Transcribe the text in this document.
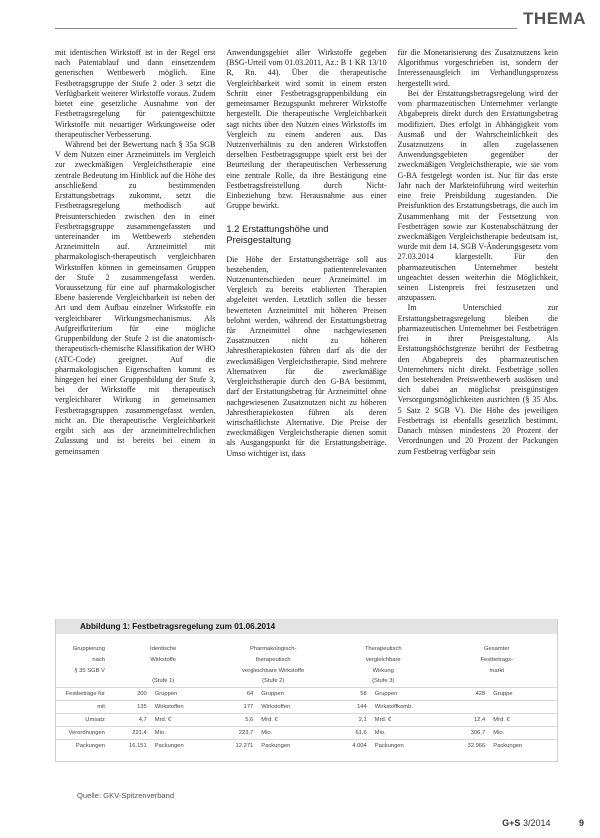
THEMA

mit identischen Wirkstoff ist in der Regel erst nach Patentablauf und dann einsetzendem generischen Wettbewerb möglich. Eine Festbetragsgruppe der Stufe 2 oder 3 setzt die Verfügbarkeit weiterer Wirkstoffe voraus. Zudem bietet eine gesetzliche Ausnahme von der Festbetragsregelung für patentgeschützte Wirkstoffe mit neuartiger Wirkungsweise oder therapeutischer Verbesserung.

Während bei der Bewertung nach § 35a SGB V dem Nutzen einer Arzneimittels im Vergleich zur zweckmäßigen Vergleichstherapie eine zentrale Bedeutung im Hinblick auf die Höhe des anschließend zu bestimmenden Erstattungsbetrags zukommt, setzt die Festbetragsregelung methodisch auf Preisunterschieden zwischen den in einer Festbetragsgruppe zusammengefassten und untereinander im Wettbewerb stehenden Arzneimitteln auf. Arzneimittel mit pharmakologisch-therapeutisch vergleichbaren Wirkstoffen können in gemeinsamen Gruppen der Stufe 2 zusammengefasst werden. Voraussetzung für eine auf pharmakologischer Ebene basierende Vergleichbarkeit ist neben der Art und dem Aufbau einzelner Wirkstoffe ein vergleichbarer Wirkungsmechanismus. Als Aufgreifkriterium für eine mögliche Gruppenbildung der Stufe 2 ist die anatomisch-therapeutisch-chemische Klassifikation der WHO (ATC-Code) geeignet. Auf die pharmakologischen Eigenschaften kommt es hingegen bei einer Gruppenbildung der Stufe 3, bei der Wirkstoffe mit therapeutisch vergleichbarer Wirkung in gemeinsamen Festbetragsgruppen zusammengefasst werden, nicht an. Die therapeutische Vergleichbarkeit ergibt sich aus der arzneimittelrechtlichen Zulassung und ist bereits bei einem in gemeinsamen

Anwendungsgebiet aller Wirkstoffe gegeben (BSG-Urteil vom 01.03.2011, Az.: B 1 KR 13/10 R, Rn. 44). Über die therapeutische Vergleichbarkeit wird somit in einem ersten Schritt einer Festbetragsgruppenbildung ein gemeinsamer Bezugspunkt mehrerer Wirkstoffe hergestellt. Die therapeutische Vergleichbarkeit sagt nichts über den Nutzen eines Wirkstoffs im Vergleich zu einem anderen aus. Das Nutzenverhältnis zu den anderen Wirkstoffen derselben Festbetragsgruppe spielt erst bei der Beurteilung der therapeutischen Verbesserung eine zentrale Rolle, da ihre Bestätigung eine Festbetragsfreistellung durch Nicht-Einbeziehung bzw. Herausnahme aus einer Gruppe bewirkt.

1.2 Erstattungshöhe und Preisgestaltung

Die Höhe der Erstattungsbeträge soll aus bestehenden, patientenrelevanten Nutzenunterschieden neuer Arzneimittel im Vergleich zu bereits etablierten Therapien abgeleitet werden. Letztlich sollen die besser bewerteten Arzneimittel mit höheren Preisen belohnt werden, während der Erstattungsbetrag für Arzneimittel ohne nachgewiesenen Zusatznutzen nicht zu höheren Jahrestherapiekosten führen darf als die der zweckmäßigen Vergleichstherapie. Sind mehrere Alternativen für die zweckmäßige Vergleichstherapie durch den G-BA bestimmt, darf der Erstattungsbetrag für Arzneimittel ohne nachgewiesenen Zusatznutzen nicht zu höheren Jahrestherapiekosten führen als deren wirtschaftlichste Alternative. Die Preise der zweckmäßigen Vergleichstherapie dienen somit als Ausgangspunkt für die Erstattungsbeträge. Umso wichtiger ist, dass

für die Monetarisierung des Zusatznutzens kein Algorithmus vorgeschrieben ist, sondern der Interessenausgleich im Verhandlungsprozess hergestellt wird.

Bei der Erstattungsbetragsregelung wird der vom pharmazeutischen Unternehmer verlangte Abgabepreis direkt durch den Erstattungsbetrag modifiziert. Dies erfolgt in Abhängigkeit vom Ausmaß und der Wahrscheinlichkeit des Zusatznutzens in allen zugelassenen Anwendungsgebieten gegenüber der zweckmäßigen Vergleichstherapie, wie sie vom G-BA festgelegt worden ist. Nur für das erste Jahr nach der Markteinführung wird weiterhin eine freie Preisbildung zugestanden. Die Preisfunktion des Erstattungsbetrags, die auch im Zusammenhang mit der Festsetzung von Festbeträgen sowie zur Kostenabschätzung der zweckmäßigen Vergleichstherapie bedeutsam ist, wurde mit dem 14. SGB V-Änderungsgesetz vom 27.03.2014 klargestellt. Für den pharmazeutischen Unternehmer besteht ungeachtet dessen weiterhin die Möglichkeit, seinen Listenpreis frei festzusetzen und anzupassen.

Im Unterschied zur Erstattungsbetragsregelung bleiben die pharmazeutischen Unternehmer bei Festbeträgen frei in ihrer Preisgestaltung. Als Erstattungshöchstgrenze berührt der Festbetrag den Abgabepreis des pharmazeutischen Unternehmers nicht direkt. Festbeträge sollen den bestehenden Preiswettbewerb auslösen und sich dabei an möglichst preisgünstigen Versorgungsmöglichkeiten ausrichten (§ 35 Abs. 5 Satz 2 SGB V). Die Höhe des jeweiligen Festbetrags ist ebenfalls gesetzlich bestimmt. Danach müssen mindestens 20 Prozent der Verordnungen und 20 Prozent der Packungen zum Festbetrag verfügbar sein

Abbildung 1: Festbetragsregelung zum 01.06.2014

Gruppierung	Identische		Pharmakologisch-		Therapeutisch		Gesamter	
nach	Wirkstoffe		therapeutisch		vergleichbare		Festbetrags-	
§ 35 SGB V			vergleichbare Wirkstoffe		Wirkung		markt	
	(Stufe 1)		(Stufe 2)		(Stufe 3)			
Festbeträge für	200	Gruppen	64	Gruppen	58	Gruppen	428	Gruppe
mit	135	Wirkstoffen	177	Wirkstoffen	144	Wirkstoffkomb.		
Umsatz	4,7	Mrd. €	5,6	Mrd. €	2,1	Mrd. €	12,4	Mrd. €
Verordnungen	221,4	Mio.	223,7	Mio.	61,6	Mio.	306,7	Mio.
Packungen	16.151	Packungen	12.271	Packungen	4.004	Packungen	32.966	Packungen

Quelle: GKV-Spitzenverband
G+S 3/2014	9
